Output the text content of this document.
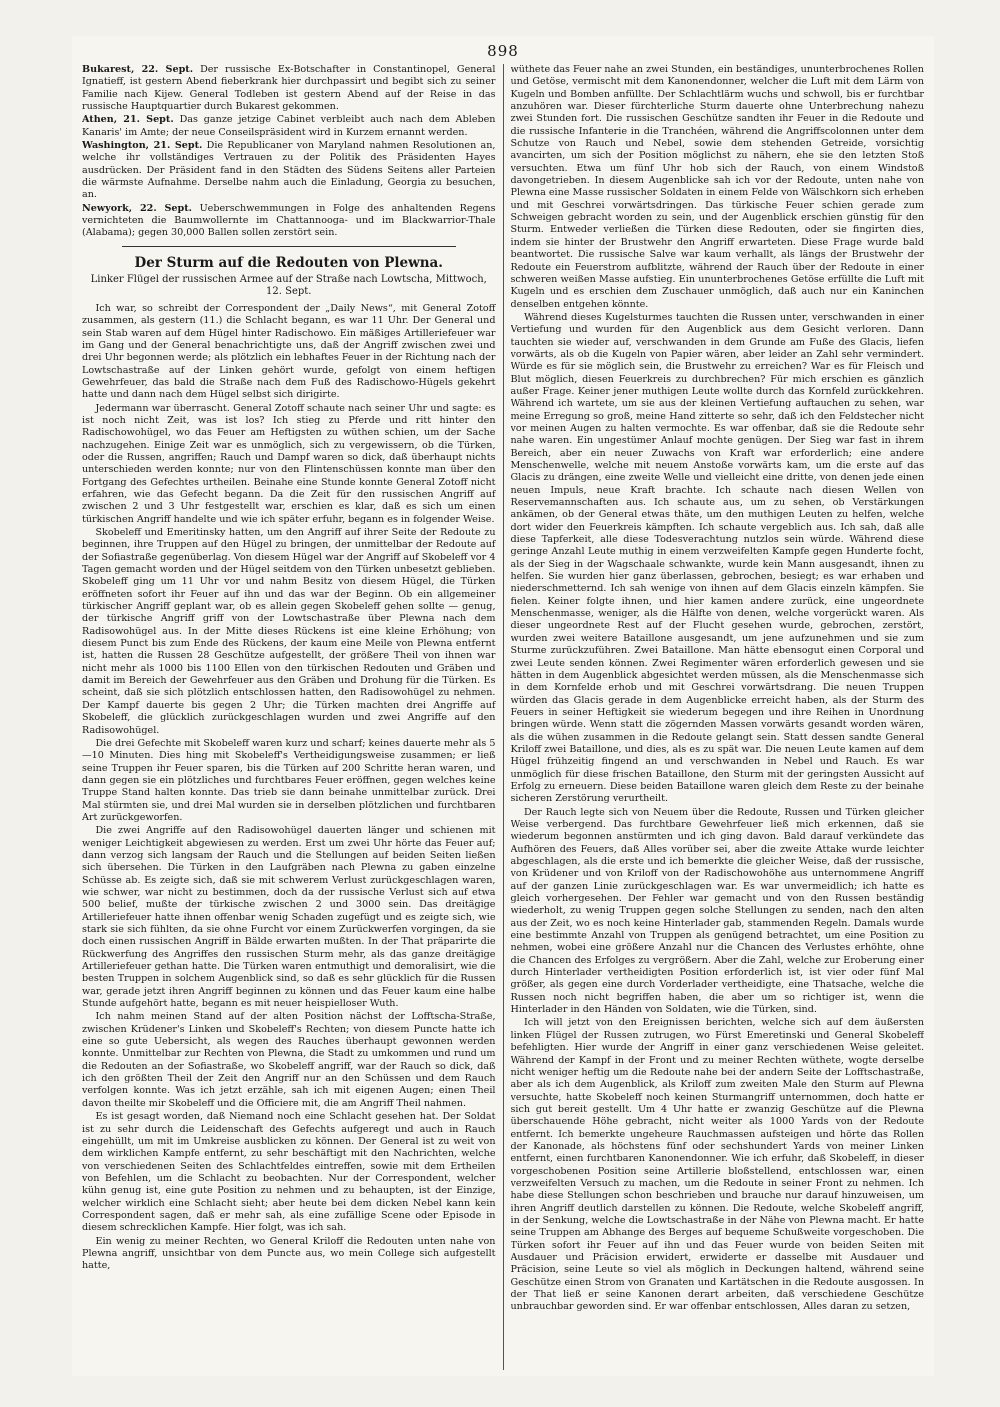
898

Bukarest, 22. Sept. Der russische Ex-Botschafter in Constantinopel, General Ignatieff, ist gestern Abend fieberkrank hier durchpassirt und begibt sich zu seiner Familie nach Kijew. General Todleben ist gestern Abend auf der Reise in das russische Hauptquartier durch Bukarest gekommen.

Athen, 21. Sept. Das ganze jetzige Cabinet verbleibt auch nach dem Ableben Kanaris' im Amte; der neue Conseilspräsident wird in Kurzem ernannt werden.

Washington, 21. Sept. Die Republicaner von Maryland nahmen Resolutionen an, welche ihr vollständiges Vertrauen zu der Politik des Präsidenten Hayes ausdrücken. Der Präsident fand in den Städten des Südens Seitens aller Parteien die wärmste Aufnahme. Derselbe nahm auch die Einladung, Georgia zu besuchen, an.

Newyork, 22. Sept. Ueberschwemmungen in Folge des anhaltenden Regens vernichteten die Baumwollernte im Chattannooga- und im Blackwarrior-Thale (Alabama); gegen 30,000 Ballen sollen zerstört sein.

Der Sturm auf die Redouten von Plewna.
Linker Flügel der russischen Armee auf der Straße nach Lowtscha, Mittwoch, 12. Sept.

Ich war, so schreibt der Correspondent der „Daily News“, mit General Zotoff zusammen, als gestern (11.) die Schlacht begann, es war 11 Uhr. Der General und sein Stab waren auf dem Hügel hinter Radischowo. Ein mäßiges Artilleriefeuer war im Gang und der General benachrichtigte uns, daß der Angriff zwischen zwei und drei Uhr begonnen werde; als plötzlich ein lebhaftes Feuer in der Richtung nach der Lowtschastraße auf der Linken gehört wurde, gefolgt von einem heftigen Gewehrfeuer, das bald die Straße nach dem Fuß des Radischowo-Hügels gekehrt hatte und dann nach dem Hügel selbst sich dirigirte.

Jedermann war überrascht. General Zotoff schaute nach seiner Uhr und sagte: es ist noch nicht Zeit, was ist los? Ich stieg zu Pferde und ritt hinter den Radischowohügel, wo das Feuer am Heftigsten zu wüthen schien, um der Sache nachzugehen. Einige Zeit war es unmöglich, sich zu vergewissern, ob die Türken, oder die Russen, angriffen; Rauch und Dampf waren so dick, daß überhaupt nichts unterschieden werden konnte; nur von den Flintenschüssen konnte man über den Fortgang des Gefechtes urtheilen. Beinahe eine Stunde konnte General Zotoff nicht erfahren, wie das Gefecht begann. Da die Zeit für den russischen Angriff auf zwischen 2 und 3 Uhr festgestellt war, erschien es klar, daß es sich um einen türkischen Angriff handelte und wie ich später erfuhr, begann es in folgender Weise.

Skobeleff und Emeritinsky hatten, um den Angriff auf ihrer Seite der Redoute zu beginnen, ihre Truppen auf den Hügel zu bringen, der unmittelbar der Redoute auf der Sofiastraße gegenüberlag. Von diesem Hügel war der Angriff auf Skobeleff vor 4 Tagen gemacht worden und der Hügel seitdem von den Türken unbesetzt geblieben. Skobeleff ging um 11 Uhr vor und nahm Besitz von diesem Hügel, die Türken eröffneten sofort ihr Feuer auf ihn und das war der Beginn. Ob ein allgemeiner türkischer Angriff geplant war, ob es allein gegen Skobeleff gehen sollte — genug, der türkische Angriff griff von der Lowtschastraße über Plewna nach dem Radisowohügel aus. In der Mitte dieses Rückens ist eine kleine Erhöhung; von diesem Punct bis zum Ende des Rückens, der kaum eine Meile von Plewna entfernt ist, hatten die Russen 28 Geschütze aufgestellt, der größere Theil von ihnen war nicht mehr als 1000 bis 1100 Ellen von den türkischen Redouten und Gräben und damit im Bereich der Gewehrfeuer aus den Gräben und Drohung für die Türken. Es scheint, daß sie sich plötzlich entschlossen hatten, den Radisowohügel zu nehmen. Der Kampf dauerte bis gegen 2 Uhr; die Türken machten drei Angriffe auf Skobeleff, die glücklich zurückgeschlagen wurden und zwei Angriffe auf den Radisowohügel.

Die drei Gefechte mit Skobeleff waren kurz und scharf; keines dauerte mehr als 5—10 Minuten. Dies hing mit Skobeleff's Vertheidigungsweise zusammen; er ließ seine Truppen ihr Feuer sparen, bis die Türken auf 200 Schritte heran waren, und dann gegen sie ein plötzliches und furchtbares Feuer eröffnen, gegen welches keine Truppe Stand halten konnte. Das trieb sie dann beinahe unmittelbar zurück. Drei Mal stürmten sie, und drei Mal wurden sie in derselben plötzlichen und furchtbaren Art zurückgeworfen.

Die zwei Angriffe auf den Radisowohügel dauerten länger und schienen mit weniger Leichtigkeit abgewiesen zu werden. Erst um zwei Uhr hörte das Feuer auf; dann verzog sich langsam der Rauch und die Stellungen auf beiden Seiten ließen sich übersehen. Die Türken in den Laufgräben nach Plewna zu gaben einzelne Schüsse ab. Es zeigte sich, daß sie mit schwerem Verlust zurückgeschlagen waren, wie schwer, war nicht zu bestimmen, doch da der russische Verlust sich auf etwa 500 belief, mußte der türkische zwischen 2 und 3000 sein. Das dreitägige Artilleriefeuer hatte ihnen offenbar wenig Schaden zugefügt und es zeigte sich, wie stark sie sich fühlten, da sie ohne Furcht vor einem Zurückwerfen vorgingen, da sie doch einen russischen Angriff in Bälde erwarten mußten. In der That präparirte die Rückwerfung des Angriffes den russischen Sturm mehr, als das ganze dreitägige Artilleriefeuer gethan hatte. Die Türken waren entmuthigt und demoralisirt, wie die besten Truppen in solchem Augenblick sind, so daß es sehr glücklich für die Russen war, gerade jetzt ihren Angriff beginnen zu können und das Feuer kaum eine halbe Stunde aufgehört hatte, begann es mit neuer heispielloser Wuth.

Ich nahm meinen Stand auf der alten Position nächst der Lofftscha-Straße, zwischen Krüdener's Linken und Skobeleff's Rechten; von diesem Puncte hatte ich eine so gute Uebersicht, als wegen des Rauches überhaupt gewonnen werden konnte. Unmittelbar zur Rechten von Plewna, die Stadt zu umkommen und rund um die Redouten an der Sofiastraße, wo Skobeleff angriff, war der Rauch so dick, daß ich den größten Theil der Zeit den Angriff nur an den Schüssen und dem Rauch verfolgen konnte. Was ich jetzt erzähle, sah ich mit eigenen Augen; einen Theil davon theilte mir Skobeleff und die Officiere mit, die am Angriff Theil nahmen.

Es ist gesagt worden, daß Niemand noch eine Schlacht gesehen hat. Der Soldat ist zu sehr durch die Leidenschaft des Gefechts aufgeregt und auch in Rauch eingehüllt, um mit im Umkreise ausblicken zu können. Der General ist zu weit von dem wirklichen Kampfe entfernt, zu sehr beschäftigt mit den Nachrichten, welche von verschiedenen Seiten des Schlachtfeldes eintreffen, sowie mit dem Ertheilen von Befehlen, um die Schlacht zu beobachten. Nur der Correspondent, welcher kühn genug ist, eine gute Position zu nehmen und zu behaupten, ist der Einzige, welcher wirklich eine Schlacht sieht; aber heute bei dem dicken Nebel kann kein Correspondent sagen, daß er mehr sah, als eine zufällige Scene oder Episode in diesem schrecklichen Kampfe. Hier folgt, was ich sah.

Ein wenig zu meiner Rechten, wo General Kriloff die Redouten unten nahe von Plewna angriff, unsichtbar von dem Puncte aus, wo mein College sich aufgestellt hatte,

wüthete das Feuer nahe an zwei Stunden, ein beständiges, ununterbrochenes Rollen und Getöse, vermischt mit dem Kanonendonner, welcher die Luft mit dem Lärm von Kugeln und Bomben anfüllte. Der Schlachtlärm wuchs und schwoll, bis er furchtbar anzuhören war. Dieser fürchterliche Sturm dauerte ohne Unterbrechung nahezu zwei Stunden fort. Die russischen Geschütze sandten ihr Feuer in die Redoute und die russische Infanterie in die Tranchéen, während die Angriffscolonnen unter dem Schutze von Rauch und Nebel, sowie dem stehenden Getreide, vorsichtig avancirten, um sich der Position möglichst zu nähern, ehe sie den letzten Stoß versuchten. Etwa um fünf Uhr hob sich der Rauch, von einem Windstoß davongetrieben. In diesem Augenblicke sah ich vor der Redoute, unten nahe von Plewna eine Masse russischer Soldaten in einem Felde von Wälschkorn sich erheben und mit Geschrei vorwärtsdringen. Das türkische Feuer schien gerade zum Schweigen gebracht worden zu sein, und der Augenblick erschien günstig für den Sturm. Entweder verließen die Türken diese Redouten, oder sie fingirten dies, indem sie hinter der Brustwehr den Angriff erwarteten. Diese Frage wurde bald beantwortet. Die russische Salve war kaum verhallt, als längs der Brustwehr der Redoute ein Feuerstrom aufblitzte, während der Rauch über der Redoute in einer schweren weißen Masse aufstieg. Ein ununterbrochenes Getöse erfüllte die Luft mit Kugeln und es erschien dem Zuschauer unmöglich, daß auch nur ein Kaninchen denselben entgehen könnte.

Während dieses Kugelsturmes tauchten die Russen unter, verschwanden in einer Vertiefung und wurden für den Augenblick aus dem Gesicht verloren. Dann tauchten sie wieder auf, verschwanden in dem Grunde am Fuße des Glacis, liefen vorwärts, als ob die Kugeln von Papier wären, aber leider an Zahl sehr vermindert. Würde es für sie möglich sein, die Brustwehr zu erreichen? War es für Fleisch und Blut möglich, diesen Feuerkreis zu durchbrechen? Für mich erschien es gänzlich außer Frage. Keiner jener muthigen Leute wollte durch das Kornfeld zurückkehren. Während ich wartete, um sie aus der kleinen Vertiefung auftauchen zu sehen, war meine Erregung so groß, meine Hand zitterte so sehr, daß ich den Feldstecher nicht vor meinen Augen zu halten vermochte. Es war offenbar, daß sie die Redoute sehr nahe waren. Ein ungestümer Anlauf mochte genügen. Der Sieg war fast in ihrem Bereich, aber ein neuer Zuwachs von Kraft war erforderlich; eine andere Menschenwelle, welche mit neuem Anstoße vorwärts kam, um die erste auf das Glacis zu drängen, eine zweite Welle und vielleicht eine dritte, von denen jede einen neuen Impuls, neue Kraft brachte. Ich schaute nach diesen Wellen von Reservemannschaften aus. Ich schaute aus, um zu sehen, ob Verstärkungen ankämen, ob der General etwas thäte, um den muthigen Leuten zu helfen, welche dort wider den Feuerkreis kämpften. Ich schaute vergeblich aus. Ich sah, daß alle diese Tapferkeit, alle diese Todesverachtung nutzlos sein würde. Während diese geringe Anzahl Leute muthig in einem verzweifelten Kampfe gegen Hunderte focht, als der Sieg in der Wagschaale schwankte, wurde kein Mann ausgesandt, ihnen zu helfen. Sie wurden hier ganz überlassen, gebrochen, besiegt; es war erhaben und niederschmetternd. Ich sah wenige von ihnen auf dem Glacis einzeln kämpfen. Sie fielen. Keiner folgte ihnen, und hier kamen andere zurück, eine ungeordnete Menschenmasse, weniger, als die Hälfte von denen, welche vorgerückt waren. Als dieser ungeordnete Rest auf der Flucht gesehen wurde, gebrochen, zerstört, wurden zwei weitere Bataillone ausgesandt, um jene aufzunehmen und sie zum Sturme zurückzuführen. Zwei Bataillone. Man hätte ebensogut einen Corporal und zwei Leute senden können. Zwei Regimenter wären erforderlich gewesen und sie hätten in dem Augenblick abgesichtet werden müssen, als die Menschenmasse sich in dem Kornfelde erhob und mit Geschrei vorwärtsdrang. Die neuen Truppen würden das Glacis gerade in dem Augenblicke erreicht haben, als der Sturm des Feuers in seiner Heftigkeit sie wiederum begegen und ihre Reihen in Unordnung bringen würde. Wenn statt die zögernden Massen vorwärts gesandt worden wären, als die wühen zusammen in die Redoute gelangt sein. Statt dessen sandte General Kriloff zwei Bataillone, und dies, als es zu spät war. Die neuen Leute kamen auf dem Hügel frühzeitig fingend an und verschwanden in Nebel und Rauch. Es war unmöglich für diese frischen Bataillone, den Sturm mit der geringsten Aussicht auf Erfolg zu erneuern. Diese beiden Bataillone waren gleich dem Reste zu der beinahe sicheren Zerstörung verurtheilt.

Der Rauch legte sich von Neuem über die Redoute, Russen und Türken gleicher Weise verbergend. Das furchtbare Gewehrfeuer ließ mich erkennen, daß sie wiederum begonnen anstürmten und ich ging davon. Bald darauf verkündete das Aufhören des Feuers, daß Alles vorüber sei, aber die zweite Attake wurde leichter abgeschlagen, als die erste und ich bemerkte die gleicher Weise, daß der russische, von Krüdener und von Kriloff von der Radischowohöhe aus unternommene Angriff auf der ganzen Linie zurückgeschlagen war. Es war unvermeidlich; ich hatte es gleich vorhergesehen. Der Fehler war gemacht und von den Russen beständig wiederholt, zu wenig Truppen gegen solche Stellungen zu senden, nach den alten aus der Zeit, wo es noch keine Hinterlader gab, stammenden Regeln. Damals wurde eine bestimmte Anzahl von Truppen als genügend betrachtet, um eine Position zu nehmen, wobei eine größere Anzahl nur die Chancen des Verlustes erhöhte, ohne die Chancen des Erfolges zu vergrößern. Aber die Zahl, welche zur Eroberung einer durch Hinterlader vertheidigten Position erforderlich ist, ist vier oder fünf Mal größer, als gegen eine durch Vorderlader vertheidigte, eine Thatsache, welche die Russen noch nicht begriffen haben, die aber um so richtiger ist, wenn die Hinterlader in den Händen von Soldaten, wie die Türken, sind.

Ich will jetzt von den Ereignissen berichten, welche sich auf dem äußersten linken Flügel der Russen zutrugen, wo Fürst Emeretinski und General Skobeleff befehligten. Hier wurde der Angriff in einer ganz verschiedenen Weise geleitet. Während der Kampf in der Front und zu meiner Rechten wüthete, wogte derselbe nicht weniger heftig um die Redoute nahe bei der andern Seite der Lofftschastraße, aber als ich dem Augenblick, als Kriloff zum zweiten Male den Sturm auf Plewna versuchte, hatte Skobeleff noch keinen Sturmangriff unternommen, doch hatte er sich gut bereit gestellt. Um 4 Uhr hatte er zwanzig Geschütze auf die Plewna überschauende Höhe gebracht, nicht weiter als 1000 Yards von der Redoute entfernt. Ich bemerkte ungeheure Rauchmassen aufsteigen und hörte das Rollen der Kanonade, als höchstens fünf oder sechshundert Yards von meiner Linken entfernt, einen furchtbaren Kanonendonner. Wie ich erfuhr, daß Skobeleff, in dieser vorgeschobenen Position seine Artillerie bloßstellend, entschlossen war, einen verzweifelten Versuch zu machen, um die Redoute in seiner Front zu nehmen. Ich habe diese Stellungen schon beschrieben und brauche nur darauf hinzuweisen, um ihren Angriff deutlich darstellen zu können. Die Redoute, welche Skobeleff angriff, in der Senkung, welche die Lowtschastraße in der Nähe von Plewna macht. Er hatte seine Truppen am Abhange des Berges auf bequeme Schußweite vorgeschoben. Die Türken sofort ihr Feuer auf ihn und das Feuer wurde von beiden Seiten mit Ausdauer und Präcision erwidert, erwiderte er dasselbe mit Ausdauer und Präcision, seine Leute so viel als möglich in Deckungen haltend, während seine Geschütze einen Strom von Granaten und Kartätschen in die Redoute ausgossen. In der That ließ er seine Kanonen derart arbeiten, daß verschiedene Geschütze unbrauchbar geworden sind. Er war offenbar entschlossen, Alles daran zu setzen,
